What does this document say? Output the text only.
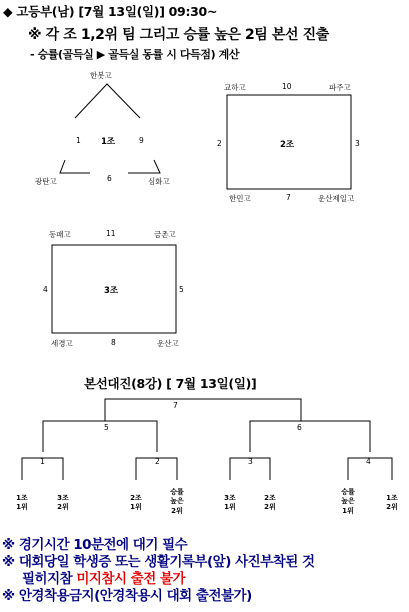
◆ 고등부(남) [7월 13일(일)] 09:30~
※ 각 조 1,2위 팀 그리고 승률 높은 2팀 본선 진출
- 승률(골득실 ▶ 골득실 동률 시 다득점) 계산
한봇고
광탄고	심화고
1	9
6
1조
교하고	파주고
한민고	운산제일고
10
2	3
7
2조
동패고	금촌고
세경고	운산고
11
4	5
8
3조
본선대진(8강) [ 7월 13일(일)]
7
5	6
1	2	3	4
1조
1위
3조
2위
2조
1위
승률
높은
2위
3조
1위
2조
2위
승률
높은
1위
1조
2위
※ 경기시간 10분전에 대기 필수
※ 대회당일 학생증 또는 생활기록부(앞) 사진부착된 것
필히지참 미지참시 출전 불가
※ 안경착용금지(안경착용시 대회 출전불가)
